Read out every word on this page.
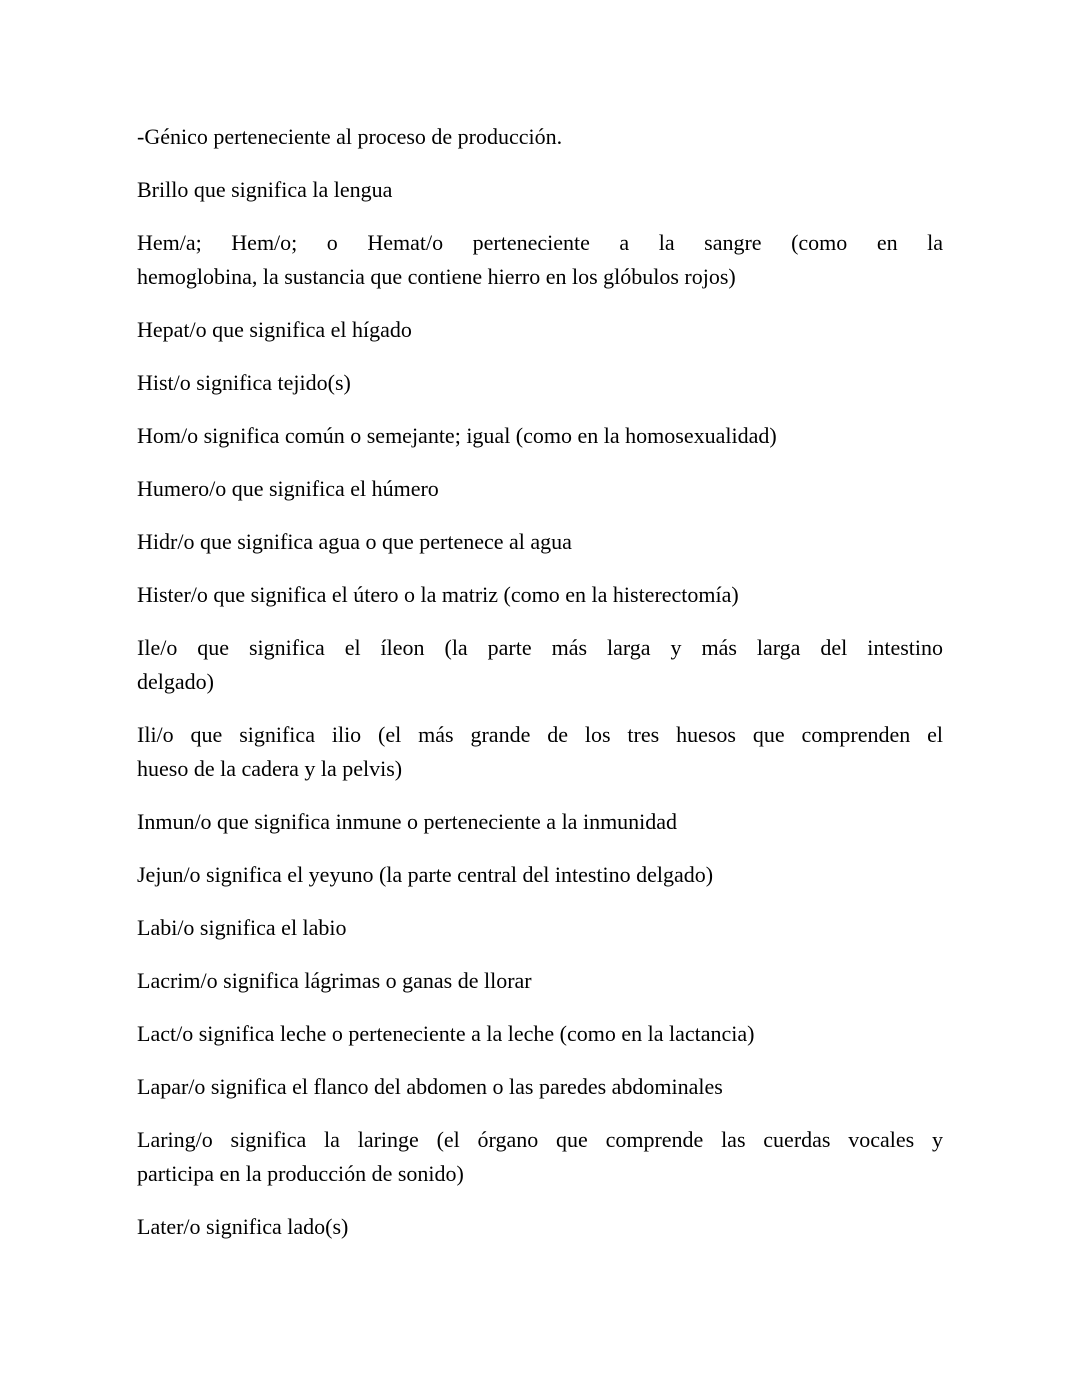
-Génico perteneciente al proceso de producción.
Brillo que significa la lengua
Hem/a; Hem/o; o Hemat/o perteneciente a la sangre (como en la
hemoglobina, la sustancia que contiene hierro en los glóbulos rojos)
Hepat/o que significa el hígado
Hist/o significa tejido(s)
Hom/o significa común o semejante; igual (como en la homosexualidad)
Humero/o que significa el húmero
Hidr/o que significa agua o que pertenece al agua
Hister/o que significa el útero o la matriz (como en la histerectomía)
Ile/o que significa el íleon (la parte más larga y más larga del intestino
delgado)
Ili/o que significa ilio (el más grande de los tres huesos que comprenden el
hueso de la cadera y la pelvis)
Inmun/o que significa inmune o perteneciente a la inmunidad
Jejun/o significa el yeyuno (la parte central del intestino delgado)
Labi/o significa el labio
Lacrim/o significa lágrimas o ganas de llorar
Lact/o significa leche o perteneciente a la leche (como en la lactancia)
Lapar/o significa el flanco del abdomen o las paredes abdominales
Laring/o significa la laringe (el órgano que comprende las cuerdas vocales y
participa en la producción de sonido)
Later/o significa lado(s)
